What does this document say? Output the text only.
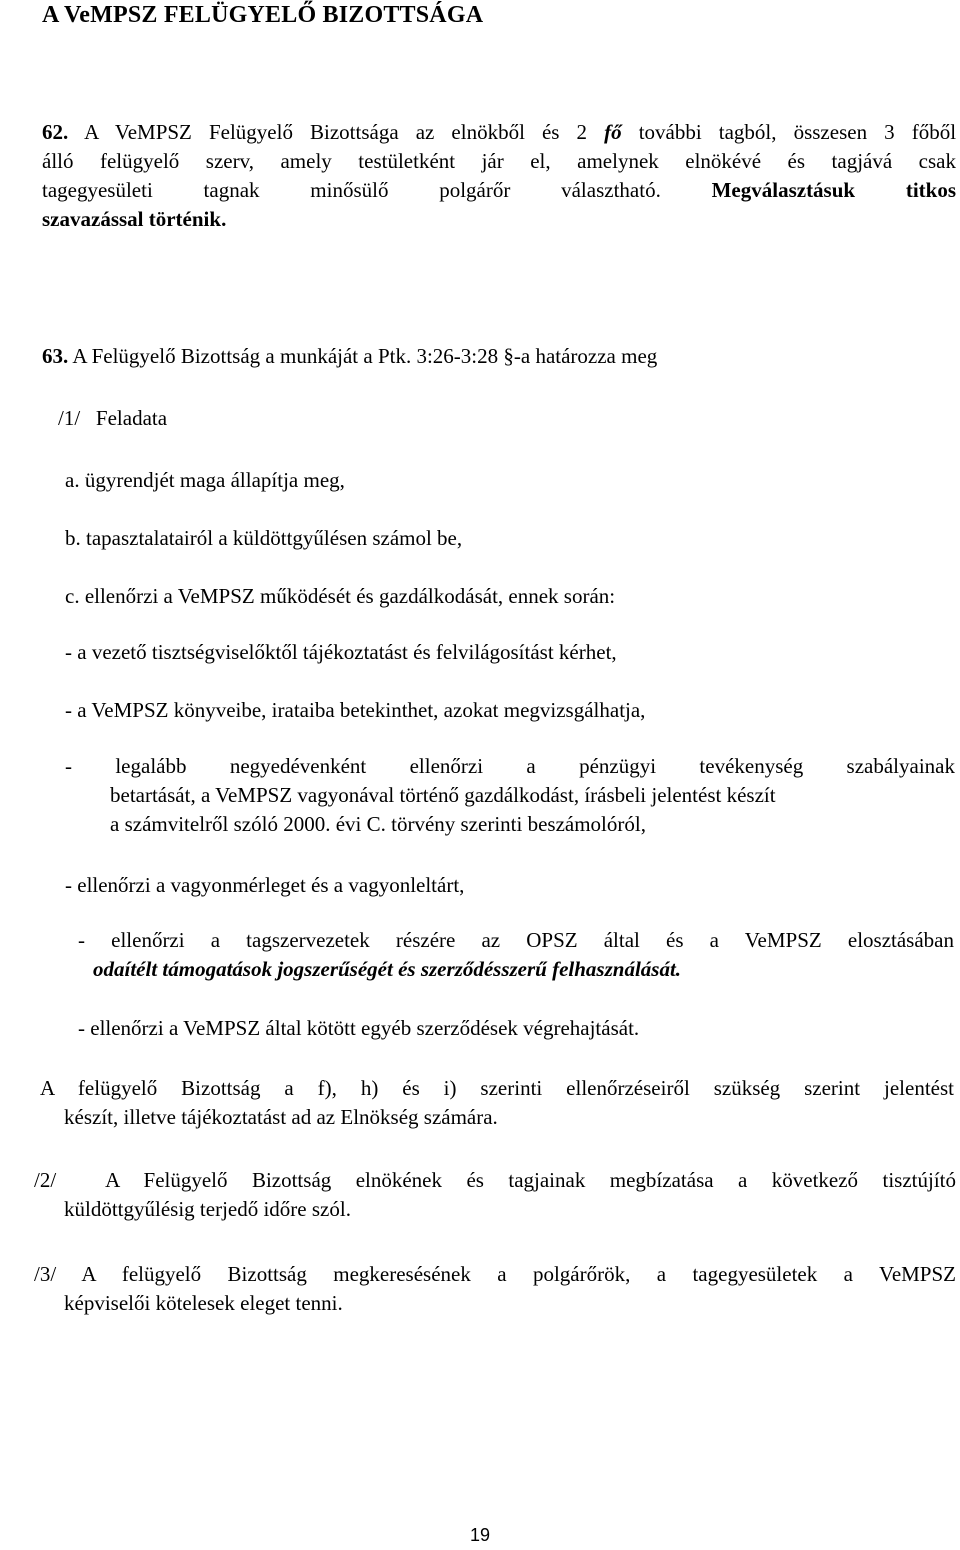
A VeMPSZ FELÜGYELŐ BIZOTTSÁGA
62. A VeMPSZ Felügyelő Bizottsága az elnökből és 2 fő további tagból, összesen 3 főből
álló felügyelő szerv, amely testületként jár el, amelynek elnökévé és tagjává csak
tagegyesületi tagnak minősülő polgárőr választható. Megválasztásuk titkos
szavazással történik.
63. A Felügyelő Bizottság a munkáját a Ptk. 3:26-3:28 §-a határozza meg
/1/ Feladata
a. ügyrendjét maga állapítja meg,
b. tapasztalatairól a küldöttgyűlésen számol be,
c. ellenőrzi a VeMPSZ működését és gazdálkodását, ennek során:
- a vezető tisztségviselőktől tájékoztatást és felvilágosítást kérhet,
- a VeMPSZ könyveibe, irataiba betekinthet, azokat megvizsgálhatja,
- legalább negyedévenként ellenőrzi a pénzügyi tevékenység szabályainak
betartását, a VeMPSZ vagyonával történő gazdálkodást, írásbeli jelentést készít
a számvitelről szóló 2000. évi C. törvény szerinti beszámolóról,
- ellenőrzi a vagyonmérleget és a vagyonleltárt,
- ellenőrzi a tagszervezetek részére az OPSZ által és a VeMPSZ elosztásában
odaítélt támogatások jogszerűségét és szerződésszerű felhasználását.
- ellenőrzi a VeMPSZ által kötött egyéb szerződések végrehajtását.
A felügyelő Bizottság a f), h) és i) szerinti ellenőrzéseiről szükség szerint jelentést
készít, illetve tájékoztatást ad az Elnökség számára.
/2/ A Felügyelő Bizottság elnökének és tagjainak megbízatása a következő tisztújító
küldöttgyűlésig terjedő időre szól.
/3/ A felügyelő Bizottság megkeresésének a polgárőrök, a tagegyesületek a VeMPSZ
képviselői kötelesek eleget tenni.
19
